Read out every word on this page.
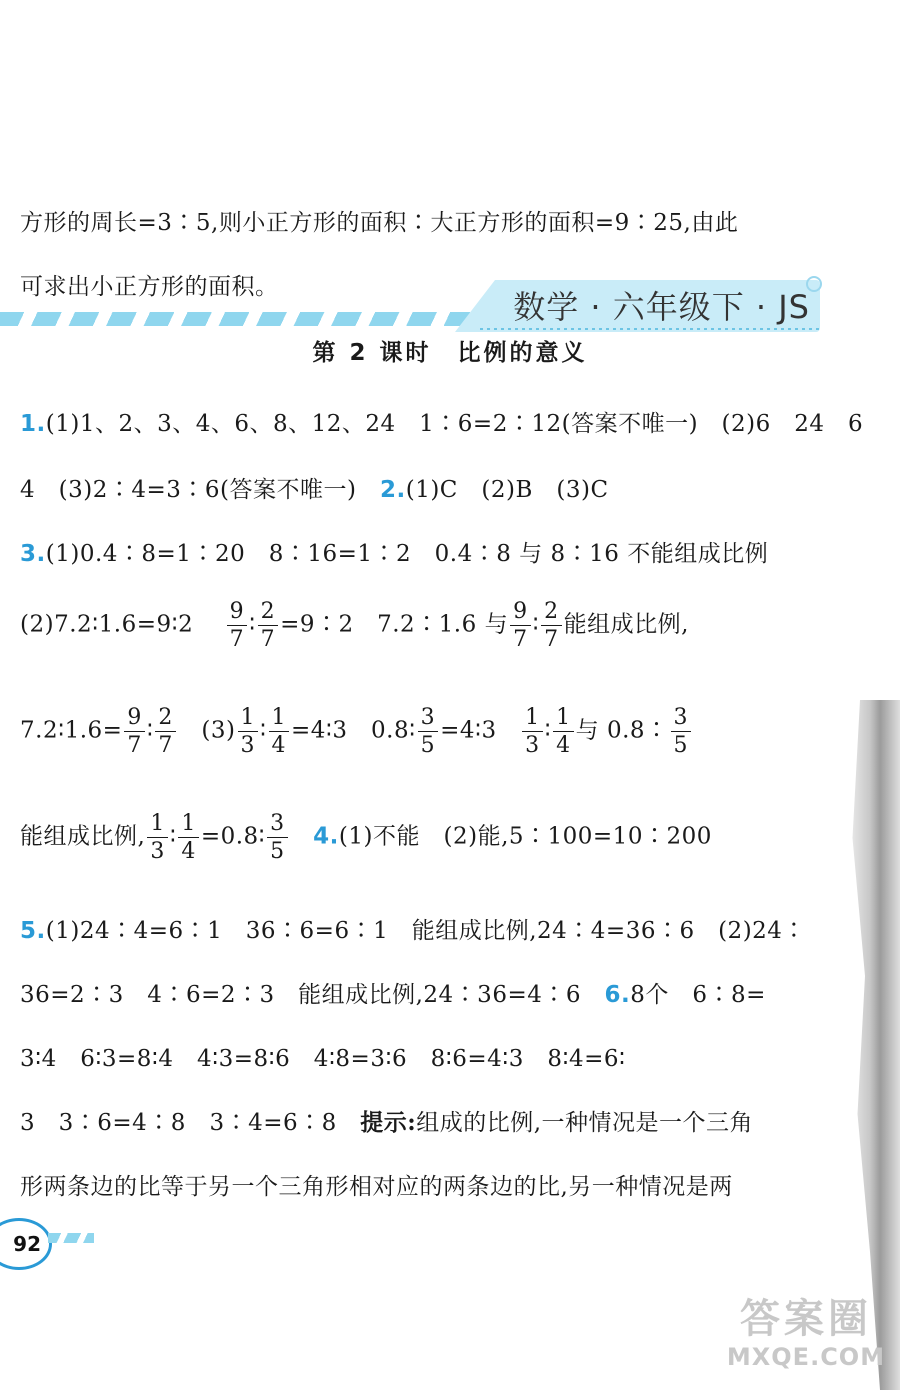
数学 · 六年级下 · JS
方形的周长=3∶5,则小正方形的面积∶大正方形的面积=9∶25,由此
可求出小正方形的面积。
第 2 课时　比例的意义
1.(1)1、2、3、4、6、8、12、24　1∶6=2∶12(答案不唯一)　(2)6　24　6
4　(3)2∶4=3∶6(答案不唯一)　 2.(1)C　(2)B　(3)C
3.(1)0.4∶8=1∶20　8∶16=1∶2　0.4∶8 与 8∶16 不能组成比例
(2)7.2∶1.6=9∶2　 $\frac{9}{7}$ ∶ $\frac{2}{7}$ =9∶2　7.2∶1.6 与 $\frac{9}{7}$ ∶ $\frac{2}{7}$ 能组成比例,
7.2∶1.6= $\frac{9}{7}$ ∶ $\frac{2}{7}$
　 $(3) \frac{1}{3}$ ∶ $\frac{1}{4}$ =4∶3　0.8∶ $\frac{3}{5}$ =4∶3　 $\frac{1}{3}$ ∶ $\frac{1}{4}$ 与 0.8∶ $\frac{3}{5}$
能组成比例, $\frac{1}{3}$ ∶ $\frac{1}{4}$ =0.8∶ $\frac{3}{5}$
　 4.(1)不能　(2)能,5∶100=10∶200
5.(1)24∶4=6∶1　36∶6=6∶1　能组成比例,24∶4=36∶6　(2)24∶
36=2∶3　4∶6=2∶3　能组成比例,24∶36=4∶6　 6.8个　6∶8=
3∶4　6∶3=8∶4　4∶3=8∶6　4∶8=3∶6　8∶6=4∶3　8∶4=6∶
3　3∶6=4∶8　3∶4=6∶8　 提示:组成的比例,一种情况是一个三角
形两条边的比等于另一个三角形相对应的两条边的比,另一种情况是两
92
答案圈
MXQE.COM
